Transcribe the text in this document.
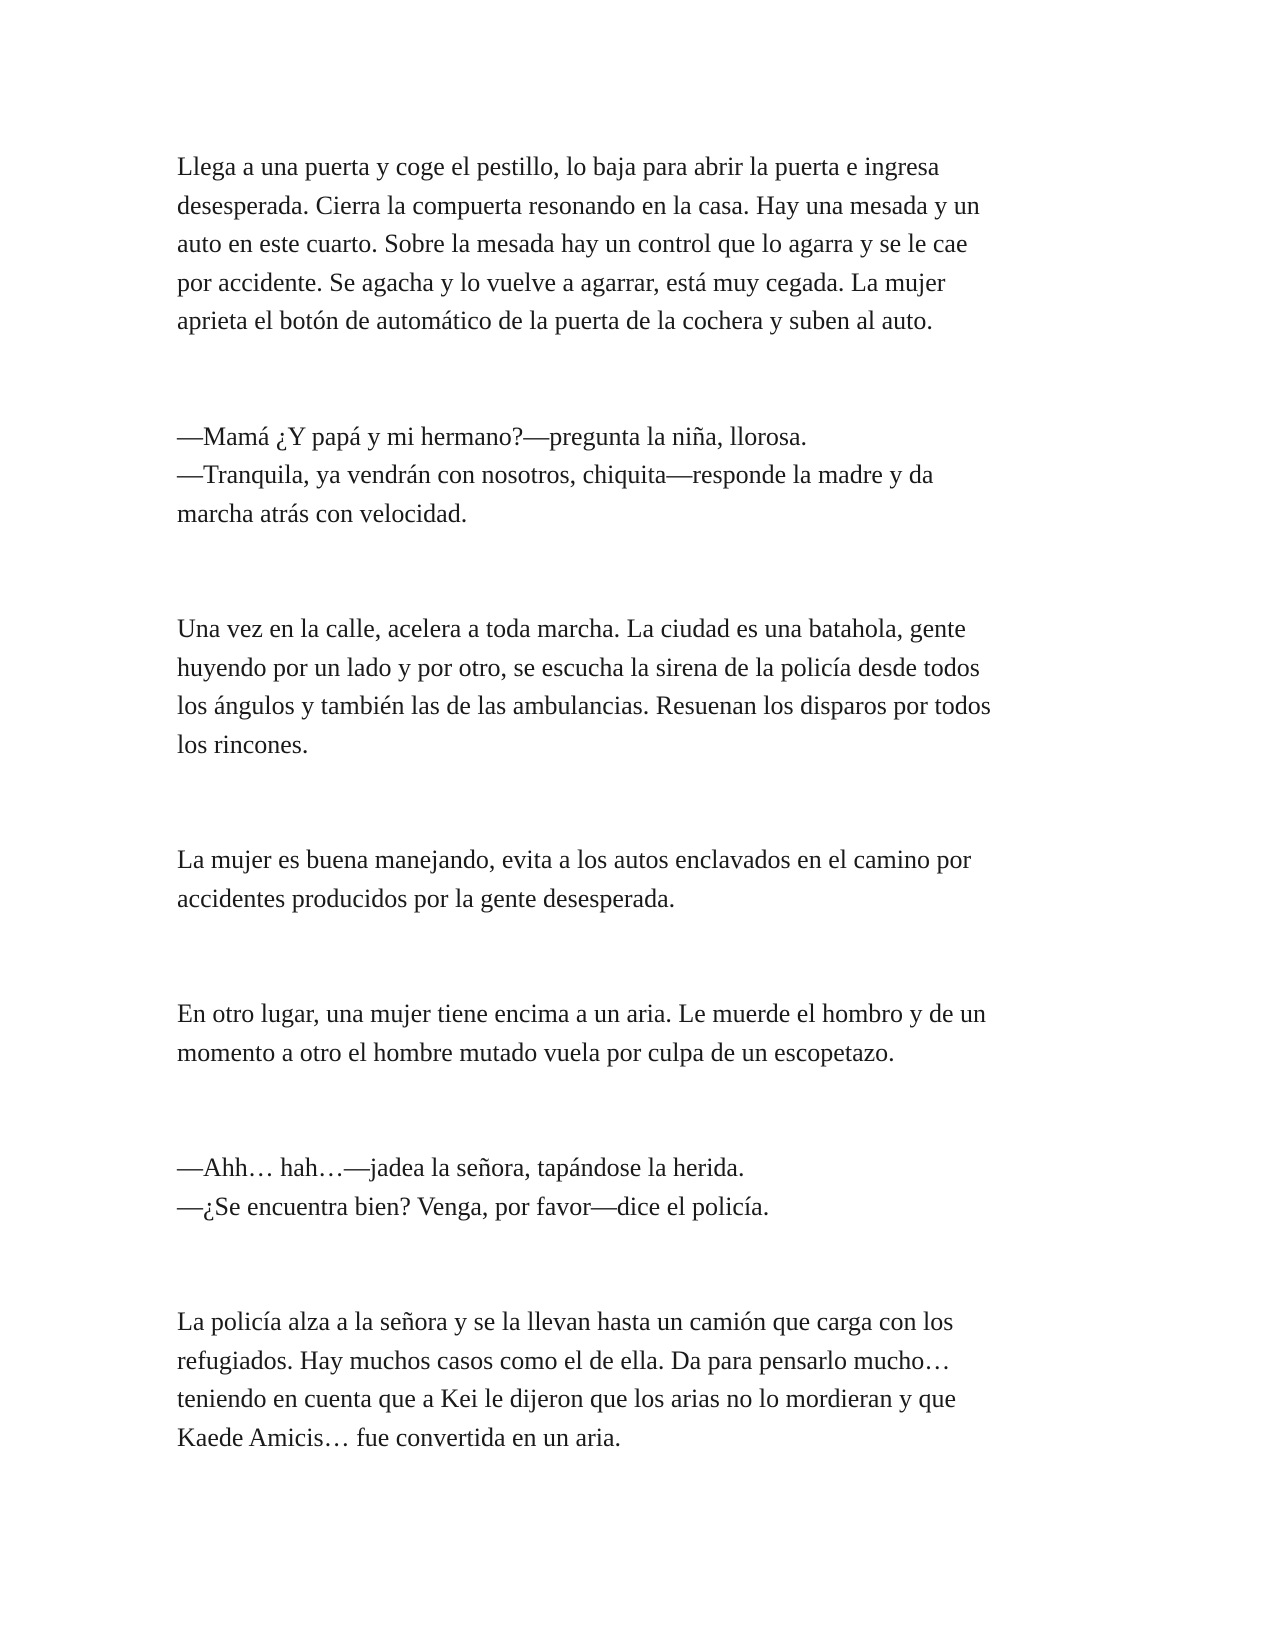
Llega a una puerta y coge el pestillo, lo baja para abrir la puerta e ingresa
desesperada. Cierra la compuerta resonando en la casa. Hay una mesada y un
auto en este cuarto. Sobre la mesada hay un control que lo agarra y se le cae
por accidente. Se agacha y lo vuelve a agarrar, está muy cegada. La mujer
aprieta el botón de automático de la puerta de la cochera y suben al auto.

—Mamá ¿Y papá y mi hermano?—pregunta la niña, llorosa.
—Tranquila, ya vendrán con nosotros, chiquita—responde la madre y da
marcha atrás con velocidad.

Una vez en la calle, acelera a toda marcha. La ciudad es una batahola, gente
huyendo por un lado y por otro, se escucha la sirena de la policía desde todos
los ángulos y también las de las ambulancias. Resuenan los disparos por todos
los rincones.

La mujer es buena manejando, evita a los autos enclavados en el camino por
accidentes producidos por la gente desesperada.

En otro lugar, una mujer tiene encima a un aria. Le muerde el hombro y de un
momento a otro el hombre mutado vuela por culpa de un escopetazo.

—Ahh… hah…—jadea la señora, tapándose la herida.
—¿Se encuentra bien? Venga, por favor—dice el policía.

La policía alza a la señora y se la llevan hasta un camión que carga con los
refugiados. Hay muchos casos como el de ella. Da para pensarlo mucho…
teniendo en cuenta que a Kei le dijeron que los arias no lo mordieran y que
Kaede Amicis… fue convertida en un aria.
